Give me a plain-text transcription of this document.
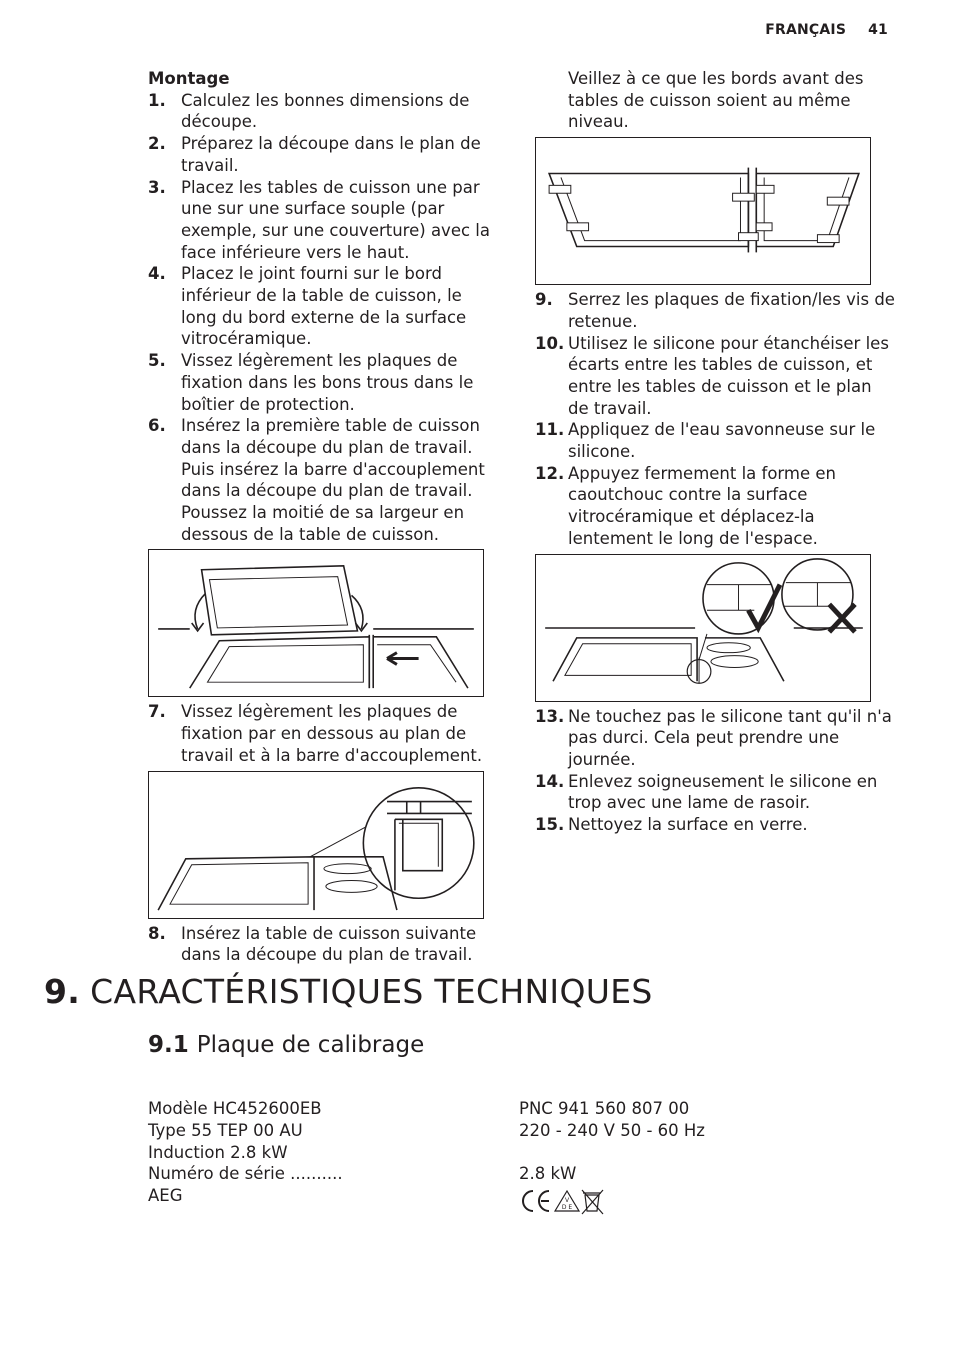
FRANÇAIS 41
Montage
1. Calculez les bonnes dimensions de découpe.
2. Préparez la découpe dans le plan de travail.
3. Placez les tables de cuisson une par une sur une surface souple (par exemple, sur une couverture) avec la face inférieure vers le haut.
4. Placez le joint fourni sur le bord inférieur de la table de cuisson, le long du bord externe de la surface vitrocéramique.
5. Vissez légèrement les plaques de fixation dans les bons trous dans le boîtier de protection.
6. Insérez la première table de cuisson dans la découpe du plan de travail. Puis insérez la barre d'accouplement dans la découpe du plan de travail. Poussez la moitié de sa largeur en dessous de la table de cuisson.
7. Vissez légèrement les plaques de fixation par en dessous au plan de travail et à la barre d'accouplement.
8. Insérez la table de cuisson suivante dans la découpe du plan de travail.
Veillez à ce que les bords avant des tables de cuisson soient au même niveau.
9. Serrez les plaques de fixation/les vis de retenue.
10. Utilisez le silicone pour étanchéiser les écarts entre les tables de cuisson, et entre les tables de cuisson et le plan de travail.
11. Appliquez de l'eau savonneuse sur le silicone.
12. Appuyez fermement la forme en caoutchouc contre la surface vitrocéramique et déplacez-la lentement le long de l'espace.
13. Ne touchez pas le silicone tant qu'il n'a pas durci. Cela peut prendre une journée.
14. Enlevez soigneusement le silicone en trop avec une lame de rasoir.
15. Nettoyez la surface en verre.
9. CARACTÉRISTIQUES TECHNIQUES
9.1 Plaque de calibrage
Modèle HC452600EB
Type 55 TEP 00 AU
Induction 2.8 kW
Numéro de série ..........
AEG
PNC 941 560 807 00
220 - 240 V 50 - 60 Hz
2.8 kW
V
D E
